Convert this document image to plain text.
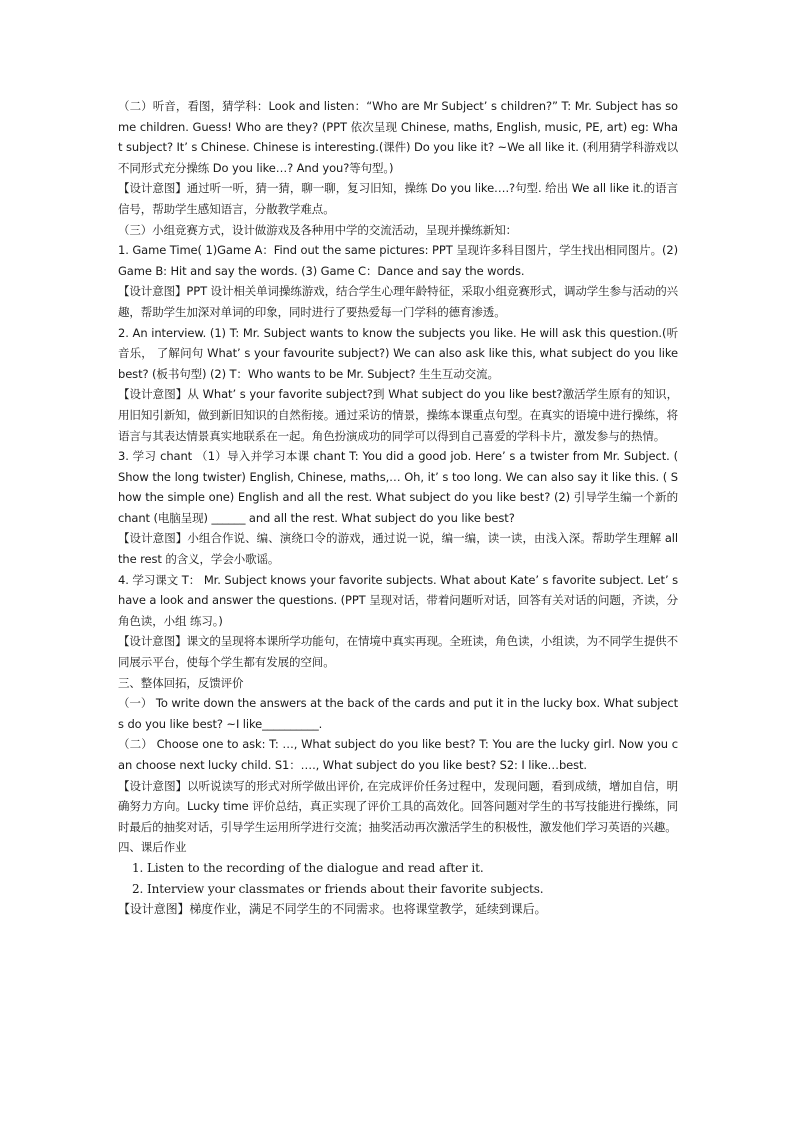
（二）听音，看图，猜学科：Look and listen：“Who are Mr Subject’ s children?” T: Mr. Subject has some children. Guess! Who are they? (PPT 依次呈现 Chinese, maths, English, music, PE, art) eg: What subject? It’ s Chinese. Chinese is interesting.(课件) Do you like it? ~We all like it. (利用猜学科游戏以不同形式充分操练 Do you like…? And you?等句型。)

【设计意图】通过听一听，猜一猜，聊一聊，复习旧知，操练 Do you like….?句型. 给出 We all like it.的语言信号，帮助学生感知语言，分散教学难点。

（三）小组竞赛方式，设计做游戏及各种用中学的交流活动，呈现并操练新知：

1. Game Time( 1)Game A：Find out the same pictures: PPT 呈现许多科目图片，学生找出相同图片。(2)Game B: Hit and say the words. (3) Game C：Dance and say the words.

【设计意图】PPT 设计相关单词操练游戏，结合学生心理年龄特征，采取小组竞赛形式，调动学生参与活动的兴趣，帮助学生加深对单词的印象，同时进行了要热爱每一门学科的德育渗透。

2. An interview. (1) T: Mr. Subject wants to know the subjects you like. He will ask this question.(听音乐， 了解问句 What’ s your favourite subject?) We can also ask like this, what subject do you like best? (板书句型) (2) T：Who wants to be Mr. Subject? 生生互动交流。

【设计意图】从 What’ s your favorite subject?到 What subject do you like best?激活学生原有的知识，用旧知引新知，做到新旧知识的自然衔接。通过采访的情景，操练本课重点句型。在真实的语境中进行操练，将语言与其表达情景真实地联系在一起。角色扮演成功的同学可以得到自己喜爱的学科卡片，激发参与的热情。

3. 学习 chant （1）导入并学习本课 chant T: You did a good job. Here’ s a twister from Mr. Subject. ( Show the long twister) English, Chinese, maths,… Oh, it’ s too long. We can also say it like this. ( Show the simple one) English and all the rest. What subject do you like best? (2) 引导学生编一个新的 chant (电脑呈现) ______ and all the rest. What subject do you like best?

【设计意图】小组合作说、编、演绕口令的游戏，通过说一说，编一编，读一读，由浅入深。帮助学生理解 all the rest 的含义，学会小歌谣。

4. 学习课文 T： Mr. Subject knows your favorite subjects. What about Kate’ s favorite subject. Let’ s have a look and answer the questions. (PPT 呈现对话，带着问题听对话，回答有关对话的问题，齐读，分角色读，小组 练习。)

【设计意图】课文的呈现将本课所学功能句，在情境中真实再现。全班读，角色读，小组读，为不同学生提供不同展示平台，使每个学生都有发展的空间。

三、整体回拓，反馈评价

（一） To write down the answers at the back of the cards and put it in the lucky box. What subjects do you like best? ~I like__________.

（二） Choose one to ask: T: …, What subject do you like best? T: You are the lucky girl. Now you can choose next lucky child. S1：…., What subject do you like best? S2: I like…best.

【设计意图】以听说读写的形式对所学做出评价, 在完成评价任务过程中，发现问题，看到成绩，增加自信，明确努力方向。Lucky time 评价总结，真正实现了评价工具的高效化。回答问题对学生的书写技能进行操练，同时最后的抽奖对话，引导学生运用所学进行交流；抽奖活动再次激活学生的积极性，激发他们学习英语的兴趣。

四、课后作业

1. Listen to the recording of the dialogue and read after it.

2. Interview your classmates or friends about their favorite subjects.

【设计意图】梯度作业，满足不同学生的不同需求。也将课堂教学，延续到课后。
